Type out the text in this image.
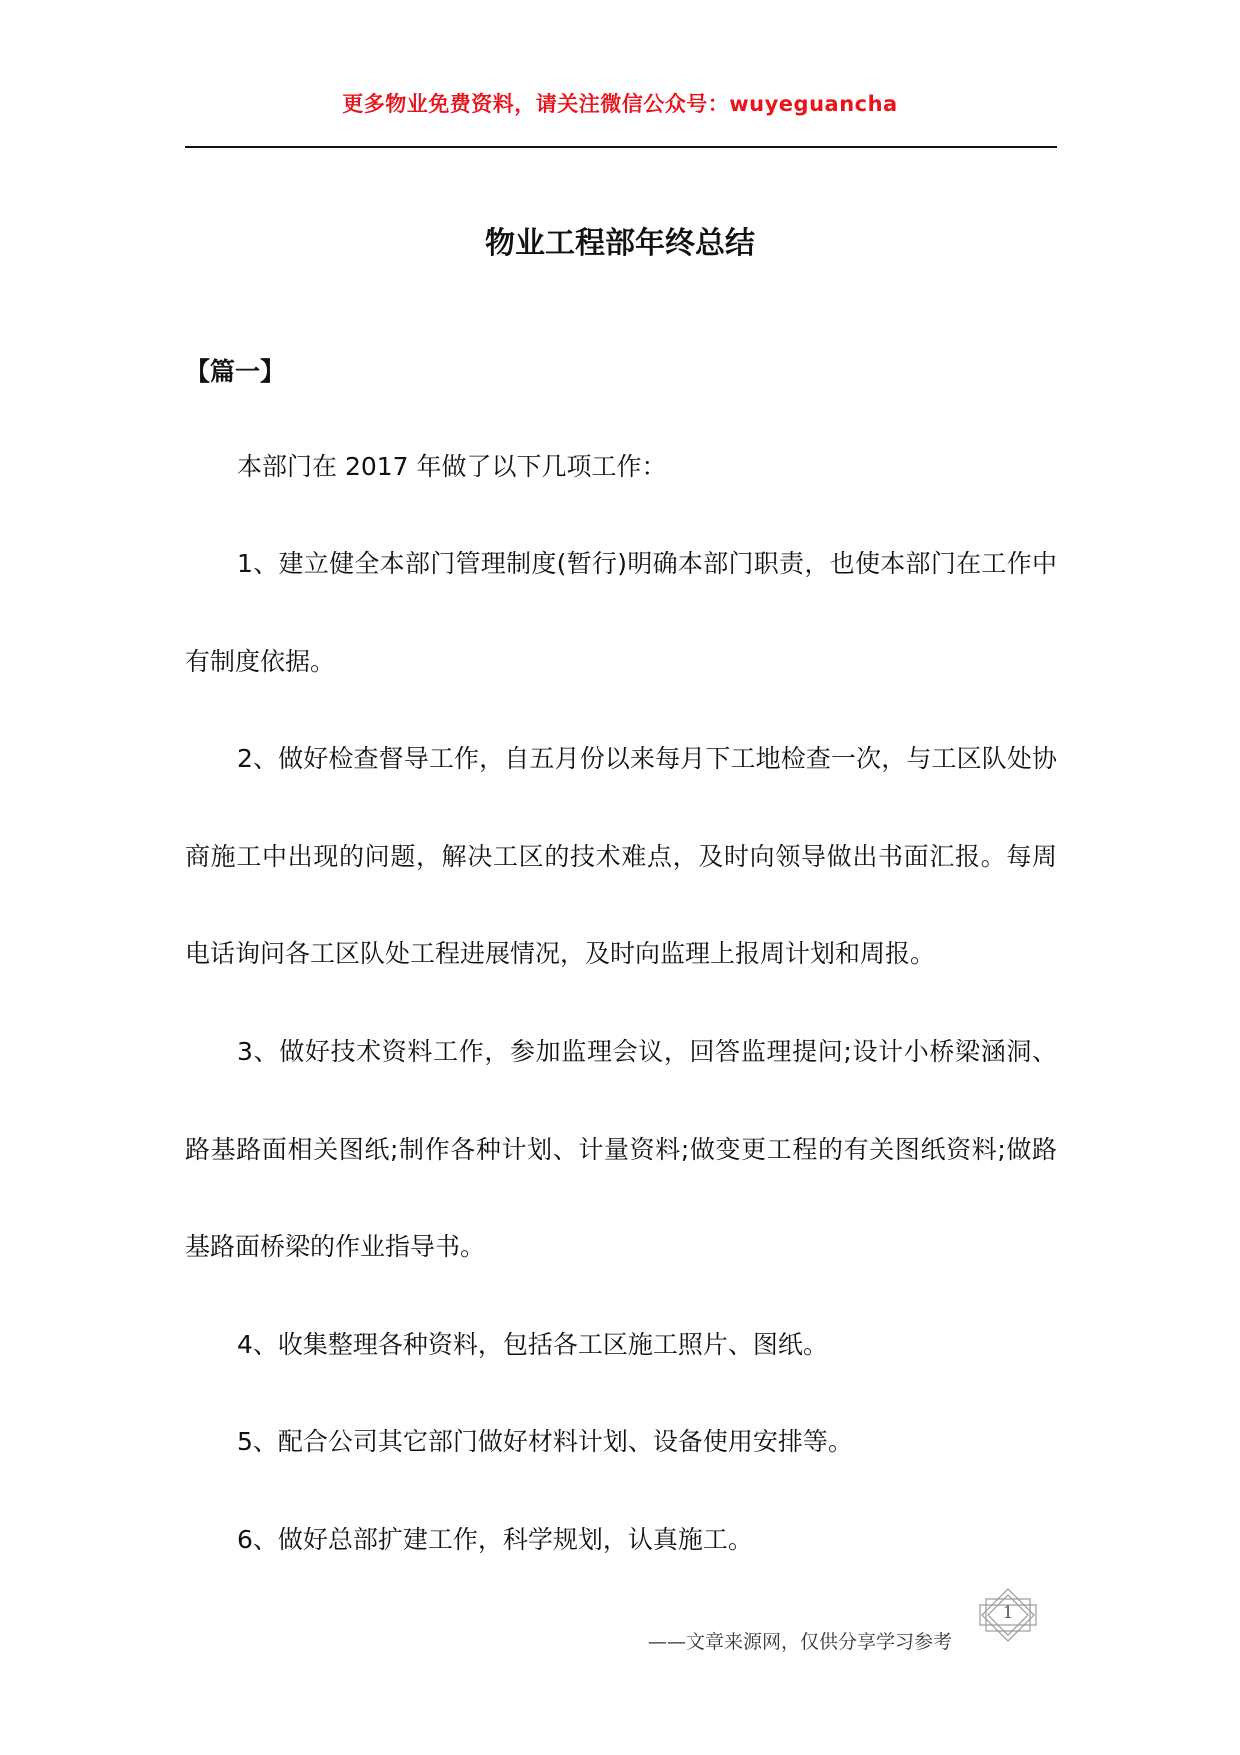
更多物业免费资料，请关注微信公众号：wuyeguancha
物业工程部年终总结
【篇一】

本部门在 2017 年做了以下几项工作：

1、建立健全本部门管理制度(暂行)明确本部门职责，也使本部门在工作中有制度依据。

2、做好检查督导工作，自五月份以来每月下工地检查一次，与工区队处协商施工中出现的问题，解决工区的技术难点，及时向领导做出书面汇报。每周电话询问各工区队处工程进展情况，及时向监理上报周计划和周报。

3、做好技术资料工作，参加监理会议，回答监理提问;设计小桥梁涵洞、路基路面相关图纸;制作各种计划、计量资料;做变更工程的有关图纸资料;做路基路面桥梁的作业指导书。

4、收集整理各种资料，包括各工区施工照片、图纸。

5、配合公司其它部门做好材料计划、设备使用安排等。

6、做好总部扩建工作，科学规划，认真施工。

——文章来源网，仅供分享学习参考
1
